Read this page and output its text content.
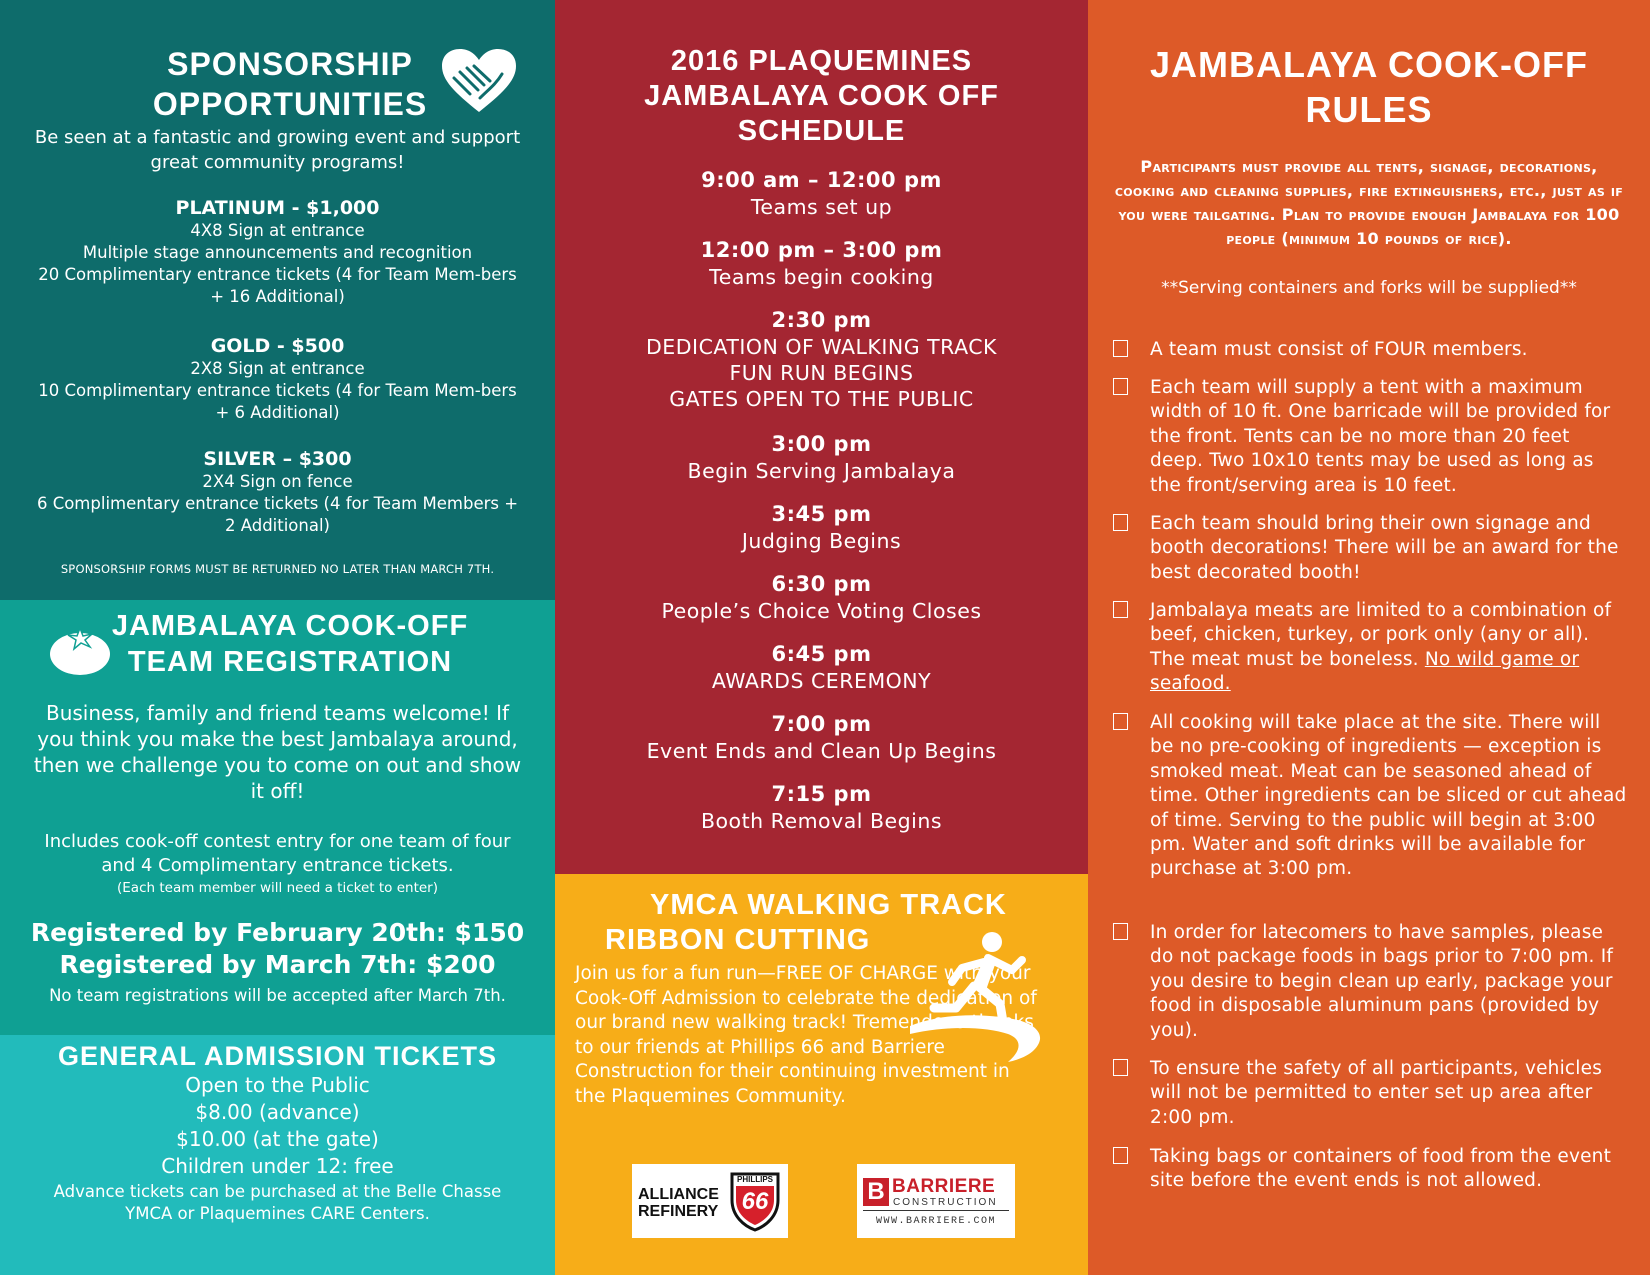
SPONSORSHIP OPPORTUNITIES

Be seen at a fantastic and growing event and support great community programs!

PLATINUM - $1,000
4X8 Sign at entrance
Multiple stage announcements and recognition
20 Complimentary entrance tickets (4 for Team Mem-bers + 16 Additional)
GOLD - $500
2X8 Sign at entrance
10 Complimentary entrance tickets (4 for Team Mem-bers + 6 Additional)
SILVER – $300
2X4 Sign on fence
6 Complimentary entrance tickets (4 for Team Members + 2 Additional)

SPONSORSHIP FORMS MUST BE RETURNED NO LATER THAN MARCH 7TH.

JAMBALAYA COOK-OFF TEAM REGISTRATION

Business, family and friend teams welcome! If you think you make the best Jambalaya around, then we challenge you to come on out and show it off!

Includes cook-off contest entry for one team of four and 4 Complimentary entrance tickets.

(Each team member will need a ticket to enter)

Registered by February 20th: $150

Registered by March 7th: $200

No team registrations will be accepted after March 7th.

GENERAL ADMISSION TICKETS
Open to the Public
$8.00 (advance)
$10.00 (at the gate)
Children under 12: free

Advance tickets can be purchased at the Belle Chasse YMCA or Plaquemines CARE Centers.

2016 PLAQUEMINES JAMBALAYA COOK OFF SCHEDULE
9:00 am – 12:00 pm
Teams set up
12:00 pm – 3:00 pm
Teams begin cooking
2:30 pm
DEDICATION OF WALKING TRACK
FUN RUN BEGINS
GATES OPEN TO THE PUBLIC
3:00 pm
Begin Serving Jambalaya
3:45 pm
Judging Begins
6:30 pm
People’s Choice Voting Closes
6:45 pm
AWARDS CEREMONY
7:00 pm
Event Ends and Clean Up Begins
7:15 pm
Booth Removal Begins
YMCA WALKING TRACK
RIBBON CUTTING

Join us for a fun run—FREE OF CHARGE with your Cook-Off Admission to celebrate the dedication of our brand new walking track! Tremendous thanks to our friends at Phillips 66 and Barriere Construction for their continuing investment in the Plaquemines Community.

ALLIANCE
REFINERY
PHILLIPS
66	B BARRIERE
CONSTRUCTION
WWW.BARRIERE.COM
JAMBALAYA COOK-OFF RULES

Participants must provide all tents, signage, decorations, cooking and cleaning supplies, fire extinguishers, etc., just as if you were tailgating. Plan to provide enough Jambalaya for 100 people (minimum 10 pounds of rice).

**Serving containers and forks will be supplied**

A team must consist of FOUR members.

Each team will supply a tent with a maximum width of 10 ft. One barricade will be provided for the front. Tents can be no more than 20 feet deep. Two 10x10 tents may be used as long as the front/serving area is 10 feet.

Each team should bring their own signage and booth decorations! There will be an award for the best decorated booth!

Jambalaya meats are limited to a combination of beef, chicken, turkey, or pork only (any or all). The meat must be boneless. No wild game or seafood.

All cooking will take place at the site. There will be no pre-cooking of ingredients — exception is smoked meat. Meat can be seasoned ahead of time. Other ingredients can be sliced or cut ahead of time. Serving to the public will begin at 3:00 pm. Water and soft drinks will be available for purchase at 3:00 pm.

In order for latecomers to have samples, please do not package foods in bags prior to 7:00 pm. If you desire to begin clean up early, package your food in disposable aluminum pans (provided by you).

To ensure the safety of all participants, vehicles will not be permitted to enter set up area after 2:00 pm.

Taking bags or containers of food from the event site before the event ends is not allowed.
